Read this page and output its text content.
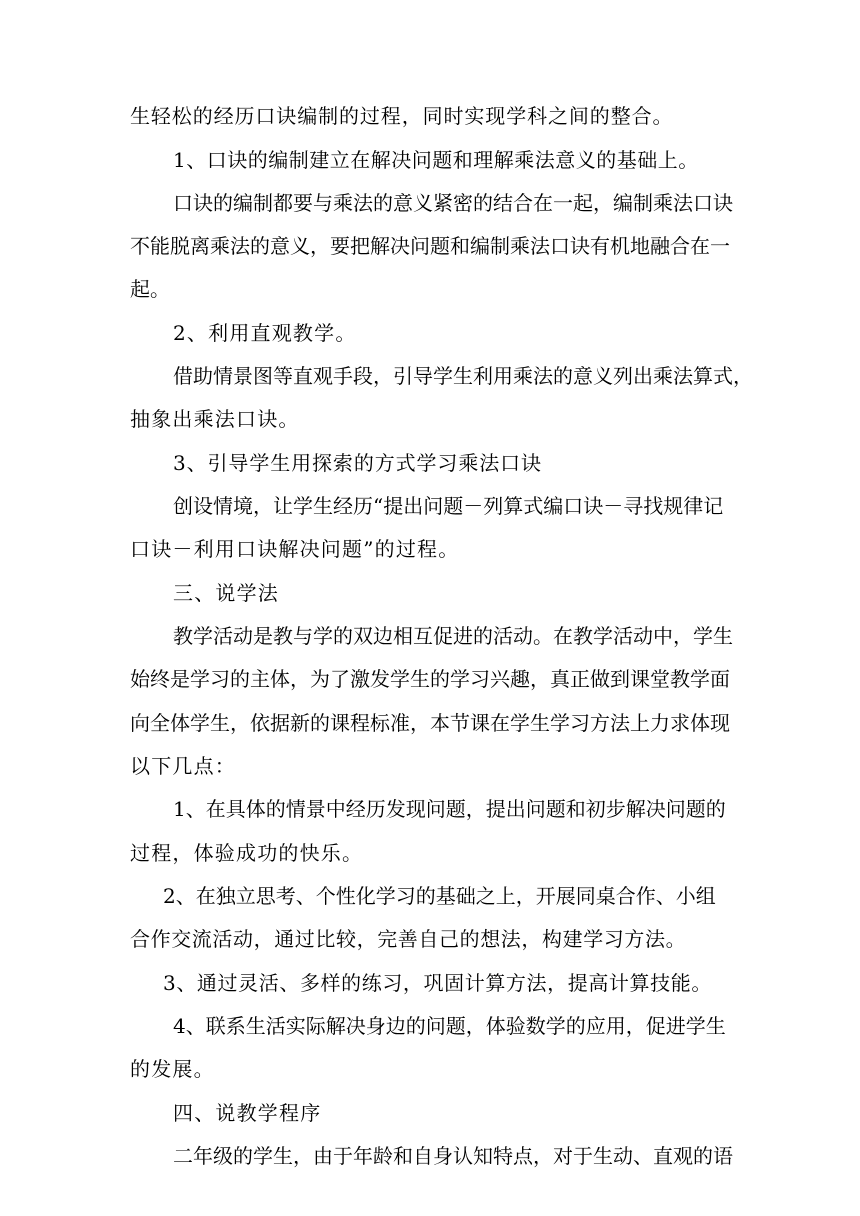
生轻松的经历口诀编制的过程，同时实现学科之间的整合。
1、口诀的编制建立在解决问题和理解乘法意义的基础上。
口诀的编制都要与乘法的意义紧密的结合在一起，编制乘法口诀
不能脱离乘法的意义，要把解决问题和编制乘法口诀有机地融合在一
起。
2、利用直观教学。
借助情景图等直观手段，引导学生利用乘法的意义列出乘法算式，
抽象出乘法口诀。
3、引导学生用探索的方式学习乘法口诀
创设情境，让学生经历“提出问题－列算式编口诀－寻找规律记
口诀－利用口诀解决问题”的过程。
三、说学法
教学活动是教与学的双边相互促进的活动。在教学活动中，学生
始终是学习的主体，为了激发学生的学习兴趣，真正做到课堂教学面
向全体学生，依据新的课程标准，本节课在学生学习方法上力求体现
以下几点：
1、在具体的情景中经历发现问题，提出问题和初步解决问题的
过程，体验成功的快乐。
2、在独立思考、个性化学习的基础之上，开展同桌合作、小组
合作交流活动，通过比较，完善自己的想法，构建学习方法。
3、通过灵活、多样的练习，巩固计算方法，提高计算技能。
4、联系生活实际解决身边的问题，体验数学的应用，促进学生
的发展。
四、说教学程序
二年级的学生，由于年龄和自身认知特点，对于生动、直观的语
